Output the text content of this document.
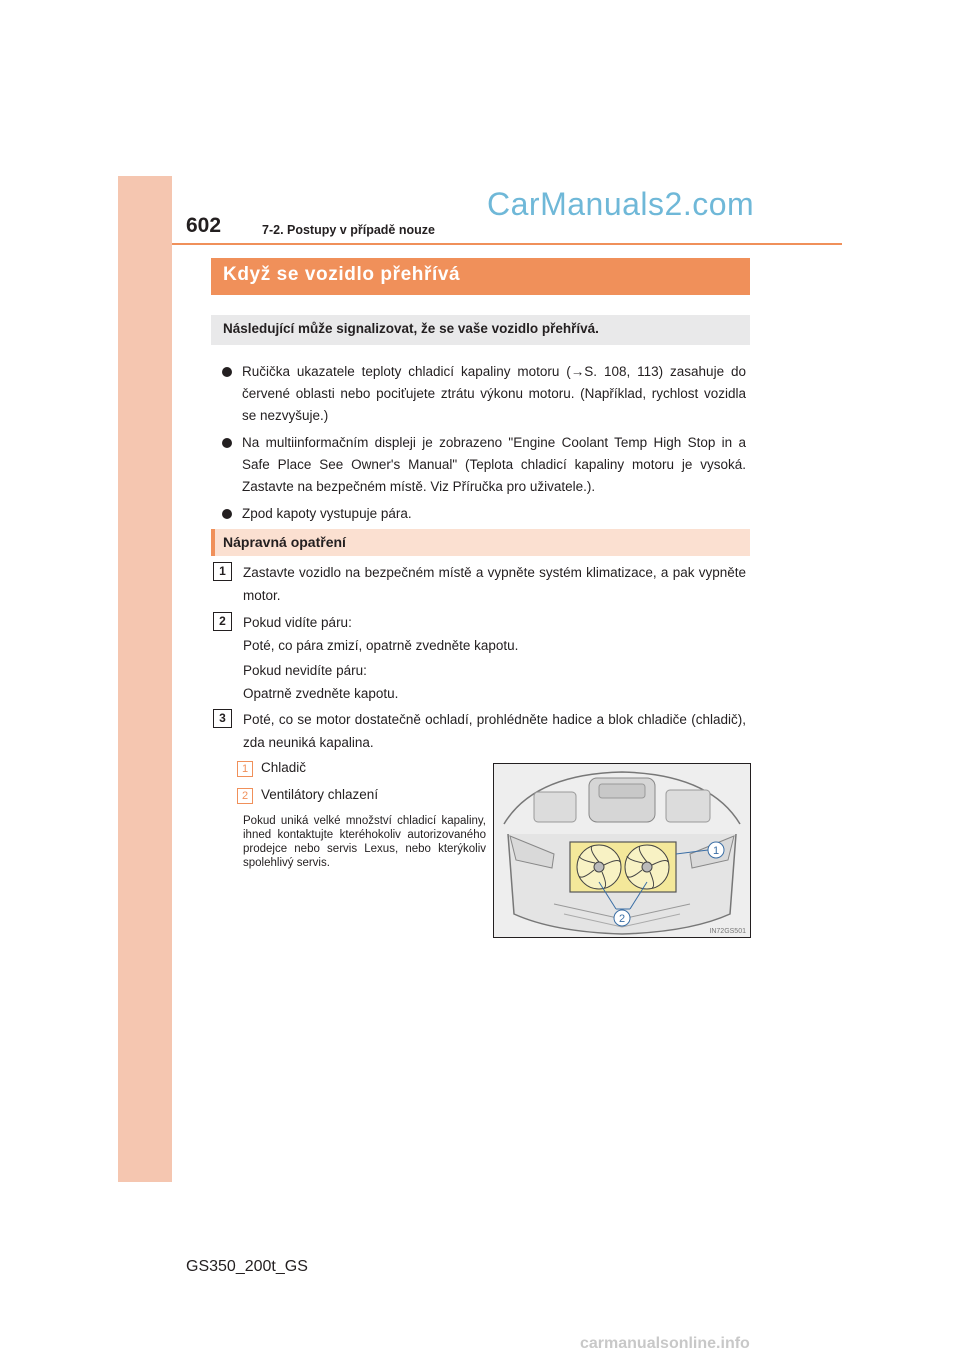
602	7-2. Postupy v případě nouze
CarManuals2.com
Když se vozidlo přehřívá
Následující může signalizovat, že se vaše vozidlo přehřívá.
Ručička ukazatele teploty chladicí kapaliny motoru (→S. 108, 113) zasahuje do červené oblasti nebo pociťujete ztrátu výkonu motoru. (Například, rychlost vozidla se nezvyšuje.)
Na multiinformačním displeji je zobrazeno "Engine Coolant Temp High Stop in a Safe Place See Owner's Manual" (Teplota chladicí kapaliny motoru je vysoká. Zastavte na bezpečném místě. Viz Příručka pro uživatele.).
Zpod kapoty vystupuje pára.
Nápravná opatření
1	Zastavte vozidlo na bezpečném místě a vypněte systém klimatizace, a pak vypněte motor.
2	Pokud vidíte páru:
Poté, co pára zmizí, opatrně zvedněte kapotu.
Pokud nevidíte páru:
Opatrně zvedněte kapotu.
3	Poté, co se motor dostatečně ochladí, prohlédněte hadice a blok chladiče (chladič), zda neuniká kapalina.
1 Chladič
2 Ventilátory chlazení
Pokud uniká velké množství chladicí kapaliny, ihned kontaktujte kteréhokoliv autorizovaného prodejce nebo servis Lexus, nebo kterýkoliv spolehlivý servis.
1
2
IN72GS501
GS350_200t_GS
carmanualsonline.info
